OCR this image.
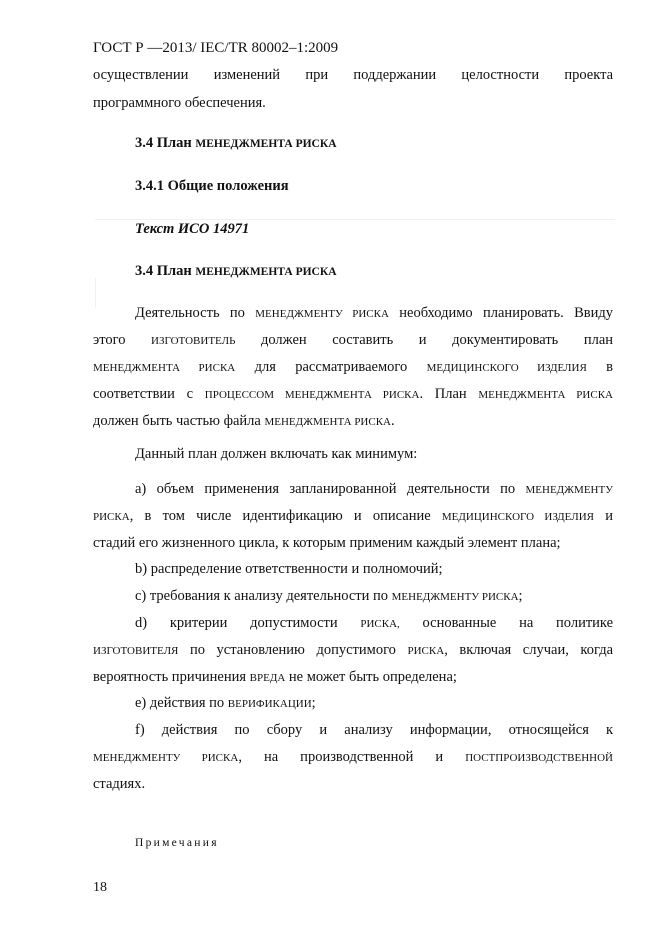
ГОСТ Р —2013/ IEC/TR 80002–1:2009
осуществлении изменений при поддержании целостности проекта
программного обеспечения.
3.4 План МЕНЕДЖМЕНТА РИСКА
3.4.1 Общие положения
Текст ИСО 14971
3.4 План МЕНЕДЖМЕНТА РИСКА
Деятельность по МЕНЕДЖМЕНТУ РИСКА необходимо планировать. Ввиду
этого ИЗГОТОВИТЕЛЬ должен составить и документировать план
МЕНЕДЖМЕНТА РИСКА для рассматриваемого МЕДИЦИНСКОГО ИЗДЕЛИЯ в
соответствии с ПРОЦЕССОМ МЕНЕДЖМЕНТА РИСКА. План МЕНЕДЖМЕНТА РИСКА
должен быть частью файла МЕНЕДЖМЕНТА РИСКА.
Данный план должен включать как минимум:
a) объем применения запланированной деятельности по МЕНЕДЖМЕНТУ
РИСКА, в том числе идентификацию и описание МЕДИЦИНСКОГО ИЗДЕЛИЯ и
стадий его жизненного цикла, к которым применим каждый элемент плана;
b) распределение ответственности и полномочий;
c) требования к анализу деятельности по МЕНЕДЖМЕНТУ РИСКА;
d) критерии допустимости РИСКА, основанные на политике
ИЗГОТОВИТЕЛЯ по установлению допустимого РИСКА, включая случаи, когда
вероятность причинения ВРЕДА не может быть определена;
e) действия по ВЕРИФИКАЦИИ;
f) действия по сбору и анализу информации, относящейся к
МЕНЕДЖМЕНТУ РИСКА, на производственной и ПОСТПРОИЗВОДСТВЕННОЙ
стадиях.
Примечания
18
